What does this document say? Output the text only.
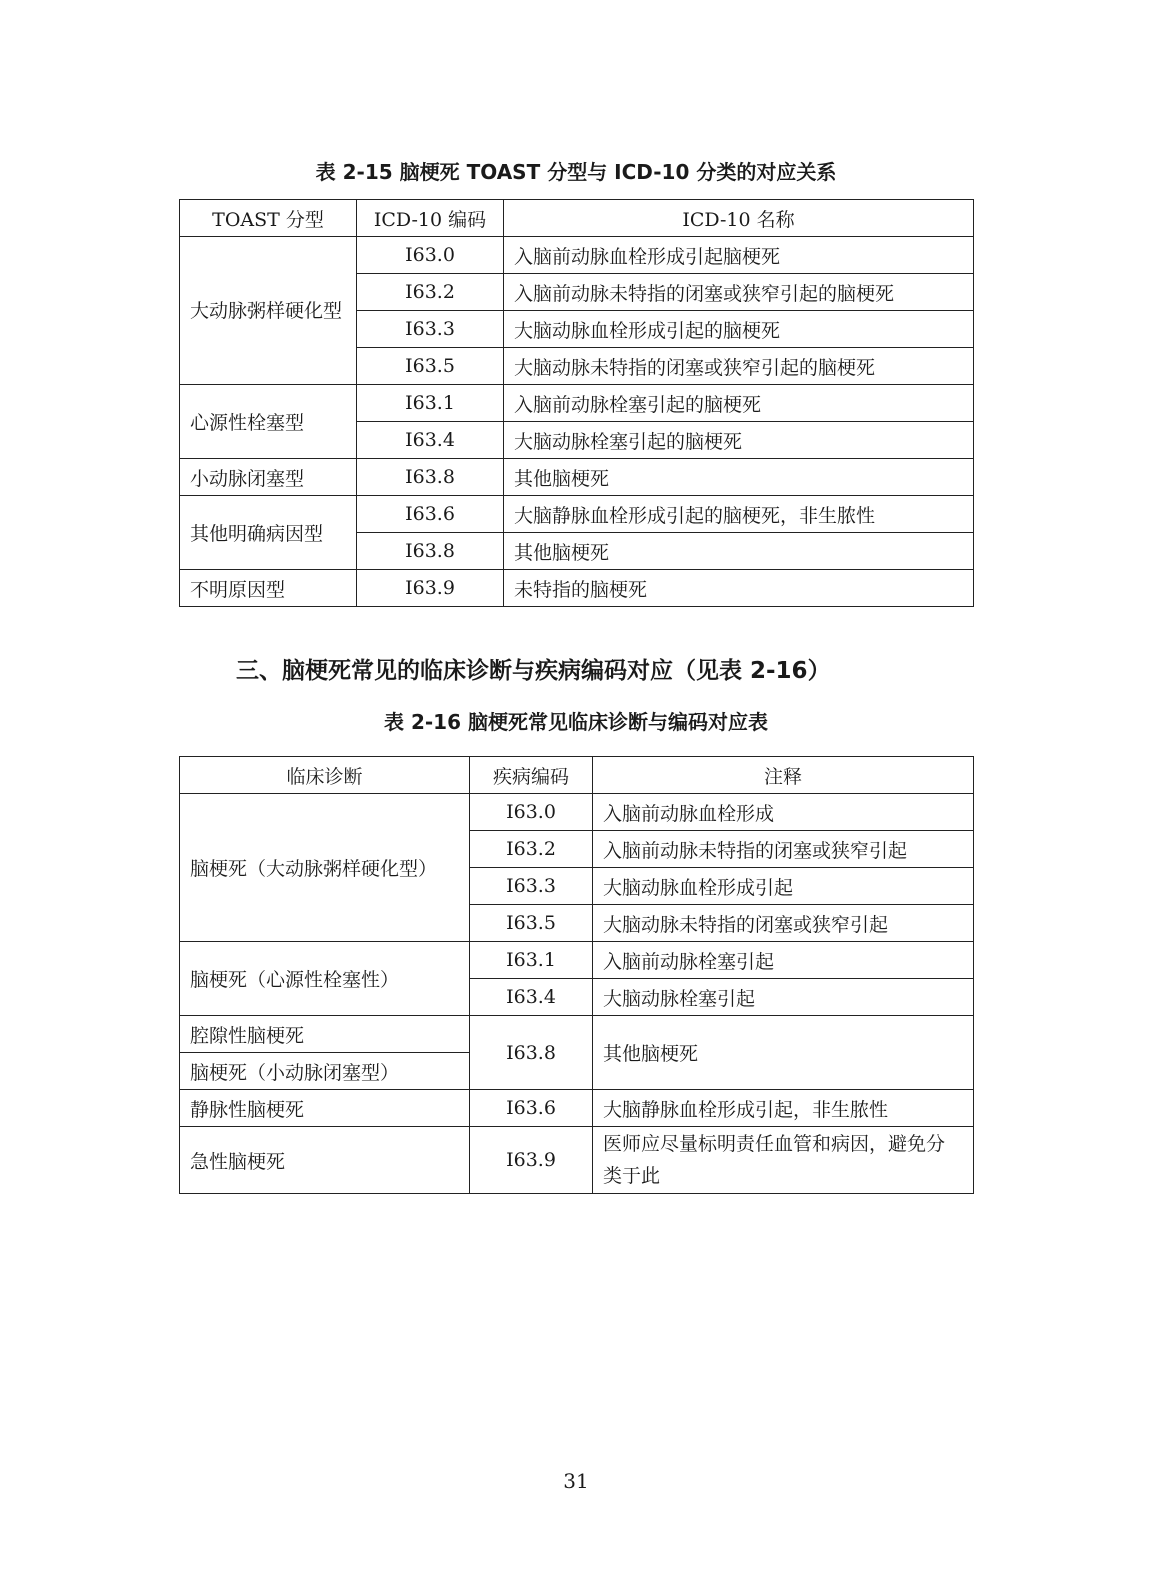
表 2-15 脑梗死 TOAST 分型与 ICD-10 分类的对应关系

TOAST 分型	ICD-10 编码	ICD-10 名称
大动脉粥样硬化型	I63.0	入脑前动脉血栓形成引起脑梗死
	I63.2	入脑前动脉未特指的闭塞或狭窄引起的脑梗死
	I63.3	大脑动脉血栓形成引起的脑梗死
	I63.5	大脑动脉未特指的闭塞或狭窄引起的脑梗死
心源性栓塞型	I63.1	入脑前动脉栓塞引起的脑梗死
	I63.4	大脑动脉栓塞引起的脑梗死
小动脉闭塞型	I63.8	其他脑梗死
其他明确病因型	I63.6	大脑静脉血栓形成引起的脑梗死，非生脓性
	I63.8	其他脑梗死
不明原因型	I63.9	未特指的脑梗死
三、脑梗死常见的临床诊断与疾病编码对应（见表 2-16）

表 2-16 脑梗死常见临床诊断与编码对应表

临床诊断	疾病编码	注释
脑梗死（大动脉粥样硬化型）	I63.0	入脑前动脉血栓形成
	I63.2	入脑前动脉未特指的闭塞或狭窄引起
	I63.3	大脑动脉血栓形成引起
	I63.5	大脑动脉未特指的闭塞或狭窄引起
脑梗死（心源性栓塞性）	I63.1	入脑前动脉栓塞引起
	I63.4	大脑动脉栓塞引起
腔隙性脑梗死	I63.8	其他脑梗死
脑梗死（小动脉闭塞型）		
静脉性脑梗死	I63.6	大脑静脉血栓形成引起，非生脓性
急性脑梗死	I63.9	医师应尽量标明责任血管和病因，避免分类于此

31
